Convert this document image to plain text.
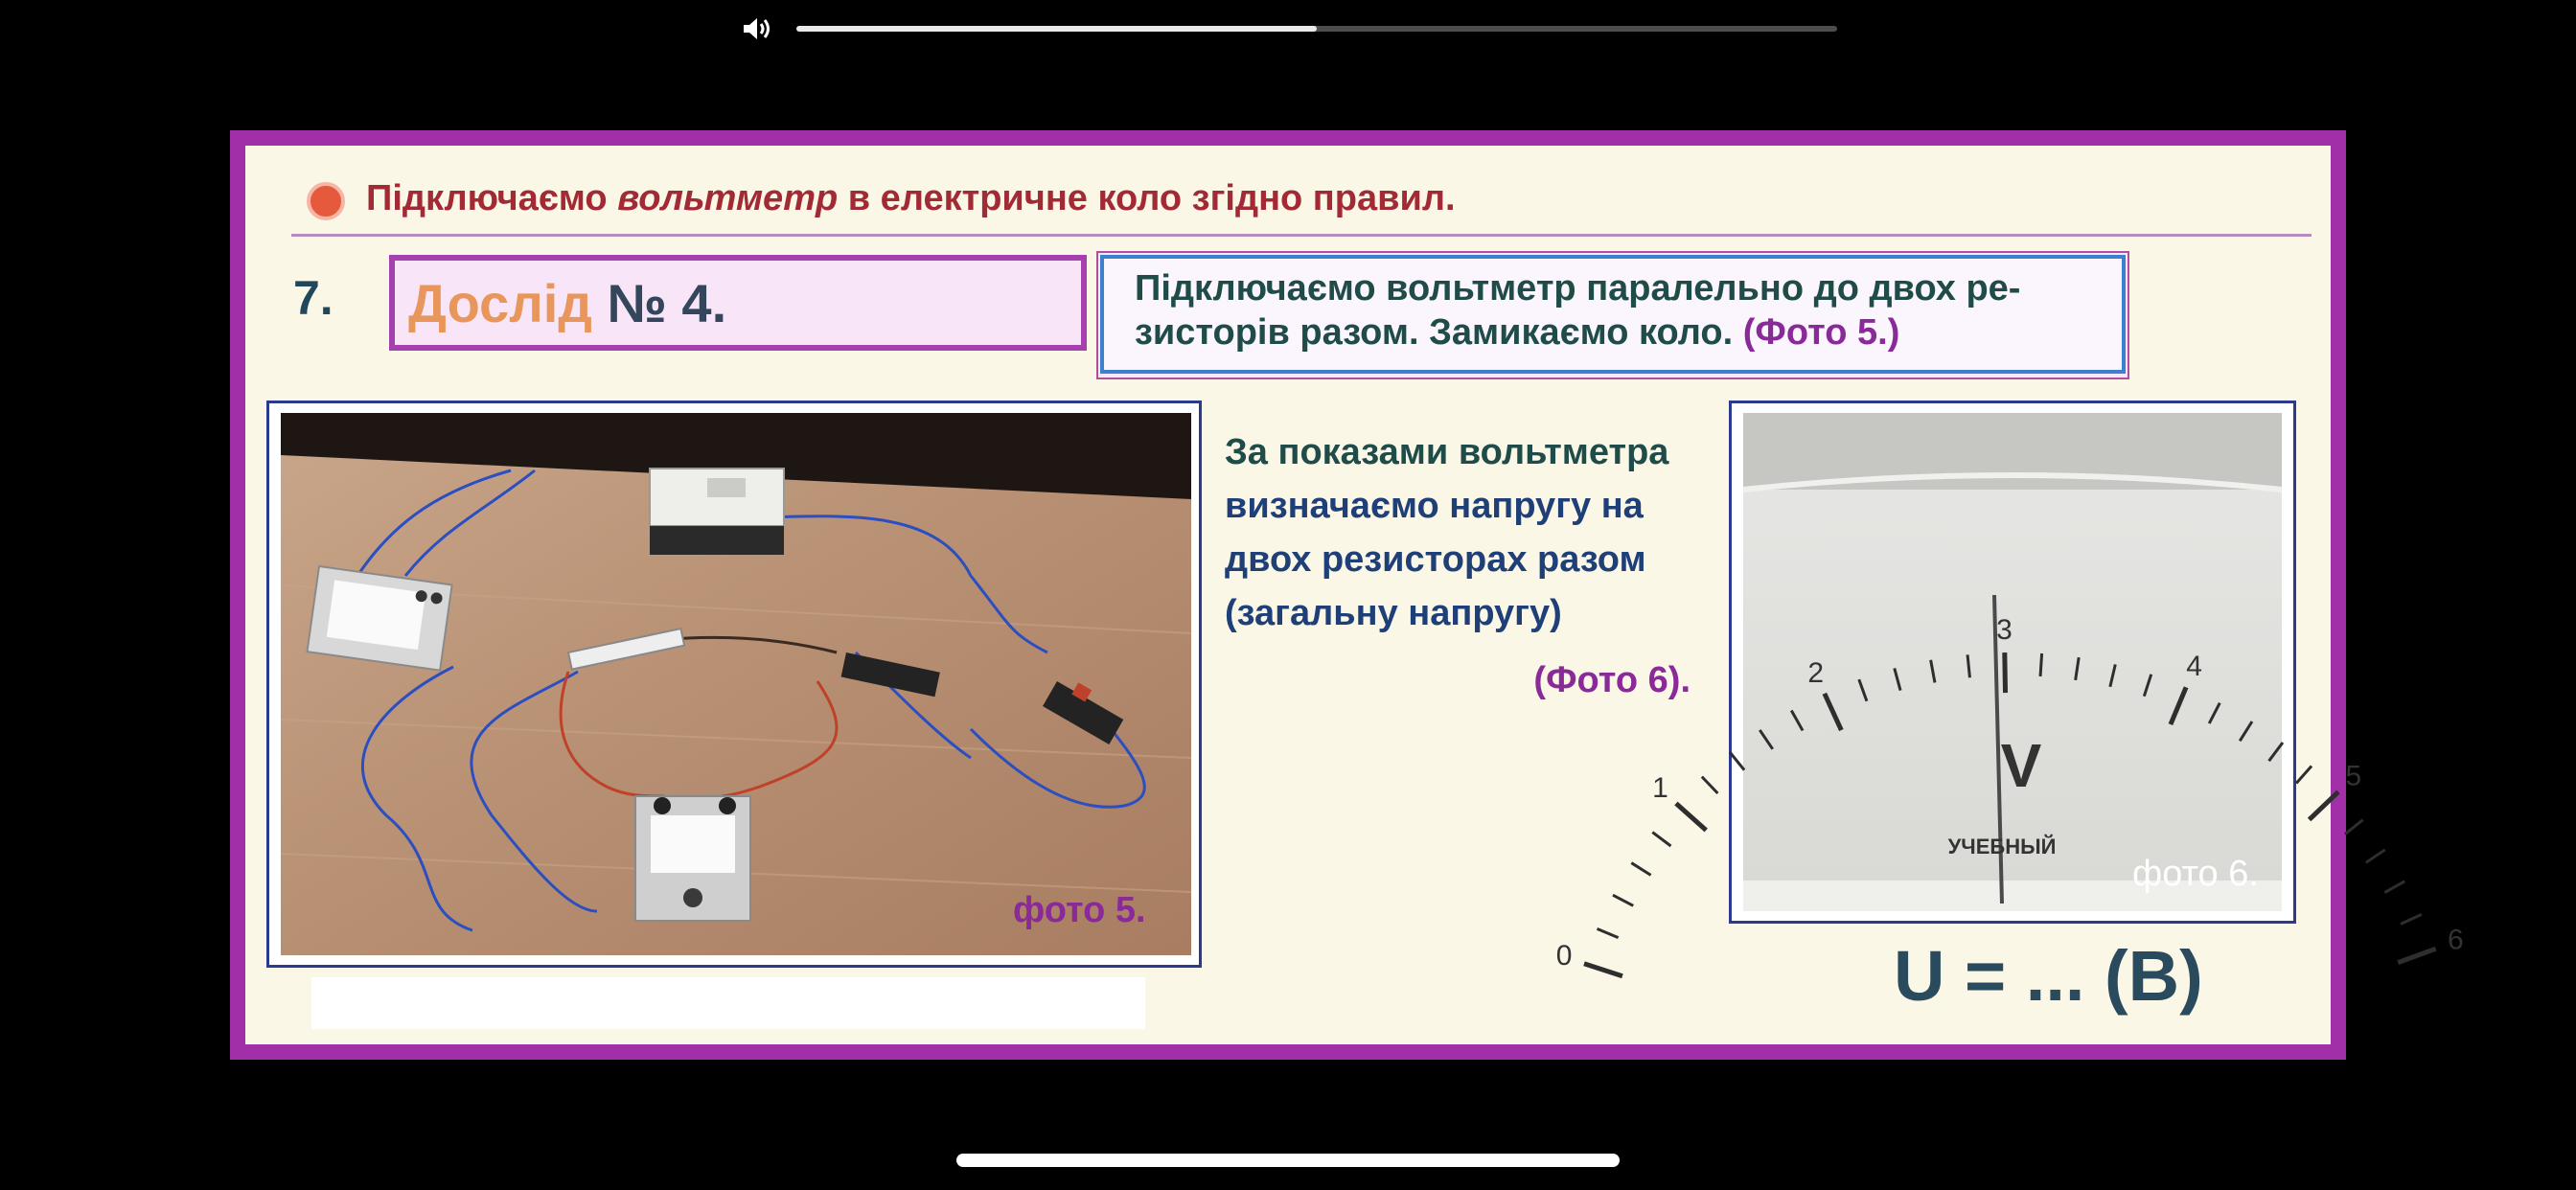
Підключаємо вольтметр в електричне коло згідно правил.
7. Дослід № 4.	Підключаємо вольтметр паралельно до двох ре-
зисторів разом. Замикаємо коло. (Фото 5.)
фото 5.
За показами вольтметра
визначаємо напругу на
двох резисторах разом
(загальну напругу)
(Фото 6).
0
1
2
3
4
5
6
V
УЧЕБНЫЙ
фото 6.
U = ... (B)
